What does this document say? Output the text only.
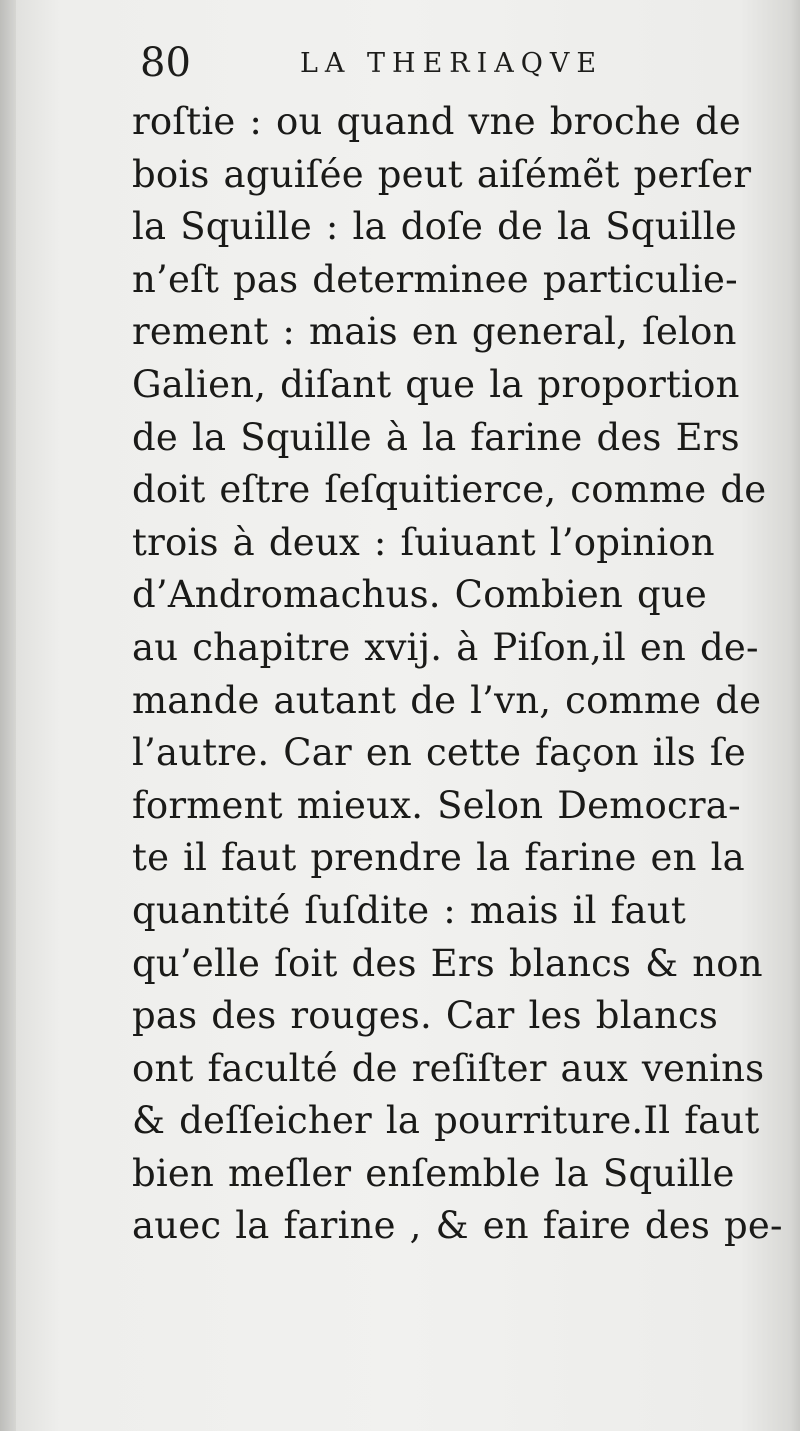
80	LA THERIAQVE
roſtie : ou quand vne broche de
bois aguiſée peut aiſémẽt perſer
la Squille : la doſe de la Squille
n’eſt pas determinee particulie-
rement : mais en general, ſelon
Galien, diſant que la proportion
de la Squille à la farine des Ers
doit eſtre ſeſquitierce, comme de
trois à deux : ſuiuant l’opinion
d’Andromachus. Combien que
au chapitre xvij. à Piſon,il en de-
mande autant de l’vn, comme de
l’autre. Car en cette façon ils ſe
forment mieux. Selon Democra-
te il faut prendre la farine en la
quantité ſuſdite : mais il faut
qu’elle ſoit des Ers blancs & non
pas des rouges. Car les blancs
ont faculté de reſiſter aux venins
& deſſeicher la pourriture.Il faut
bien meſler enſemble la Squille
auec la farine , & en faire des pe-
